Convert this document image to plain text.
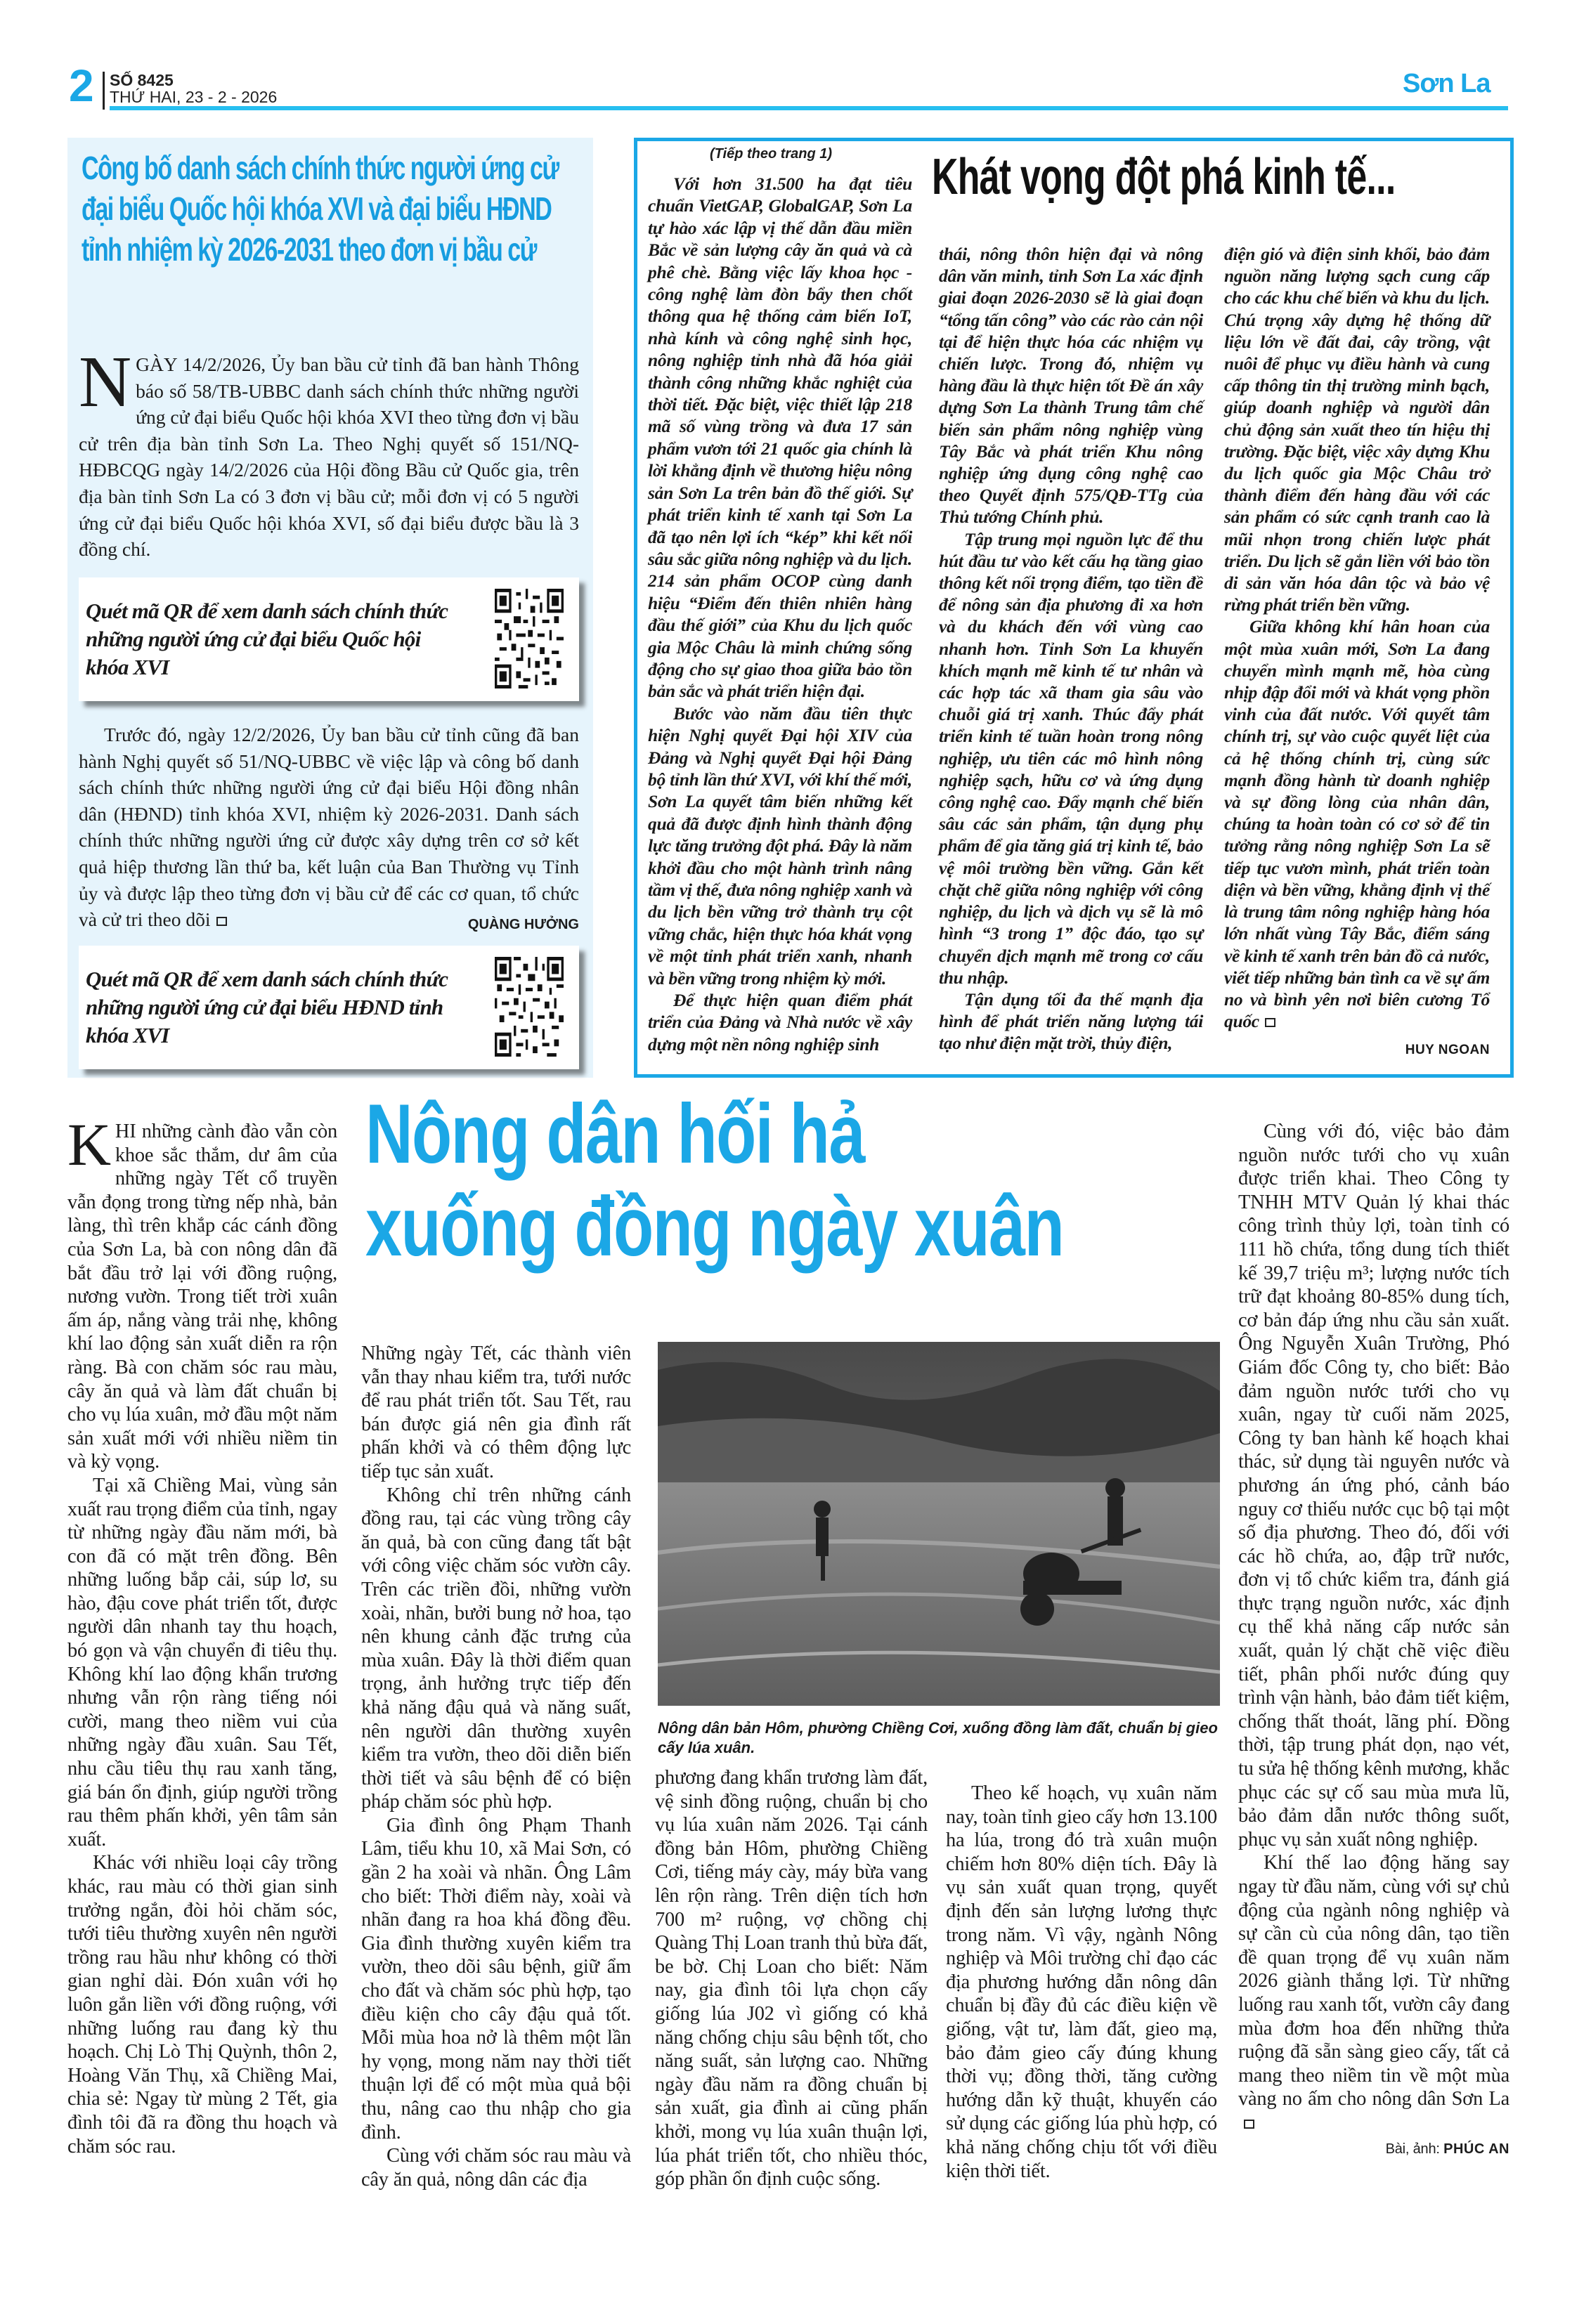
2 SỐ 8425
THỨ HAI, 23 - 2 - 2026	Sơn La
Công bố danh sách chính thức người ứng cử đại biểu Quốc hội khóa XVI và đại biểu HĐND tỉnh nhiệm kỳ 2026-2031 theo đơn vị bầu cử
NGÀY 14/2/2026, Ủy ban bầu cử tỉnh đã ban hành Thông báo số 58/TB-UBBC danh sách chính thức những người ứng cử đại biểu Quốc hội khóa XVI theo từng đơn vị bầu cử trên địa bàn tỉnh Sơn La. Theo Nghị quyết số 151/NQ-HĐBCQG ngày 14/2/2026 của Hội đồng Bầu cử Quốc gia, trên địa bàn tỉnh Sơn La có 3 đơn vị bầu cử; mỗi đơn vị có 5 người ứng cử đại biểu Quốc hội khóa XVI, số đại biểu được bầu là 3 đồng chí.
Quét mã QR để xem danh sách chính thức những người ứng cử đại biểu Quốc hội khóa XVI
Trước đó, ngày 12/2/2026, Ủy ban bầu cử tỉnh cũng đã ban hành Nghị quyết số 51/NQ-UBBC về việc lập và công bố danh sách chính thức những người ứng cử đại biểu Hội đồng nhân dân (HĐND) tỉnh khóa XVI, nhiệm kỳ 2026-2031. Danh sách chính thức những người ứng cử được xây dựng trên cơ sở kết quả hiệp thương lần thứ ba, kết luận của Ban Thường vụ Tỉnh ủy và được lập theo từng đơn vị bầu cử để các cơ quan, tổ chức và cử tri theo dõi	QUÀNG HƯỞNG
Quét mã QR để xem danh sách chính thức những người ứng cử đại biểu HĐND tỉnh khóa XVI
(Tiếp theo trang 1) Khát vọng đột phá kinh tế...
Với hơn 31.500 ha đạt tiêu chuẩn VietGAP, GlobalGAP, Sơn La tự hào xác lập vị thế dẫn đầu miền Bắc về sản lượng cây ăn quả và cà phê chè. Bằng việc lấy khoa học - công nghệ làm đòn bẩy then chốt thông qua hệ thống cảm biến IoT, nhà kính và công nghệ sinh học, nông nghiệp tỉnh nhà đã hóa giải thành công những khắc nghiệt của thời tiết. Đặc biệt, việc thiết lập 218 mã số vùng trồng và đưa 17 sản phẩm vươn tới 21 quốc gia chính là lời khẳng định về thương hiệu nông sản Sơn La trên bản đồ thế giới. Sự phát triển kinh tế xanh tại Sơn La đã tạo nên lợi ích “kép” khi kết nối sâu sắc giữa nông nghiệp và du lịch. 214 sản phẩm OCOP cùng danh hiệu “Điểm đến thiên nhiên hàng đầu thế giới” của Khu du lịch quốc gia Mộc Châu là minh chứng sống động cho sự giao thoa giữa bảo tồn bản sắc và phát triển hiện đại.
Bước vào năm đầu tiên thực hiện Nghị quyết Đại hội XIV của Đảng và Nghị quyết Đại hội Đảng bộ tỉnh lần thứ XVI, với khí thế mới, Sơn La quyết tâm biến những kết quả đã được định hình thành động lực tăng trưởng đột phá. Đây là năm khởi đầu cho một hành trình nâng tầm vị thế, đưa nông nghiệp xanh và du lịch bền vững trở thành trụ cột vững chắc, hiện thực hóa khát vọng về một tỉnh phát triển xanh, nhanh và bền vững trong nhiệm kỳ mới.
Để thực hiện quan điểm phát triển của Đảng và Nhà nước về xây dựng một nền nông nghiệp sinh
thái, nông thôn hiện đại và nông dân văn minh, tỉnh Sơn La xác định giai đoạn 2026-2030 sẽ là giai đoạn “tổng tấn công” vào các rào cản nội tại để hiện thực hóa các nhiệm vụ chiến lược. Trong đó, nhiệm vụ hàng đầu là thực hiện tốt Đề án xây dựng Sơn La thành Trung tâm chế biến sản phẩm nông nghiệp vùng Tây Bắc và phát triển Khu nông nghiệp ứng dụng công nghệ cao theo Quyết định 575/QĐ-TTg của Thủ tướng Chính phủ.
Tập trung mọi nguồn lực để thu hút đầu tư vào kết cấu hạ tầng giao thông kết nối trọng điểm, tạo tiền đề để nông sản địa phương đi xa hơn và du khách đến với vùng cao nhanh hơn. Tỉnh Sơn La khuyến khích mạnh mẽ kinh tế tư nhân và các hợp tác xã tham gia sâu vào chuỗi giá trị xanh. Thúc đẩy phát triển kinh tế tuần hoàn trong nông nghiệp, ưu tiên các mô hình nông nghiệp sạch, hữu cơ và ứng dụng công nghệ cao. Đẩy mạnh chế biến sâu các sản phẩm, tận dụng phụ phẩm để gia tăng giá trị kinh tế, bảo vệ môi trường bền vững. Gắn kết chặt chẽ giữa nông nghiệp với công nghiệp, du lịch và dịch vụ sẽ là mô hình “3 trong 1” độc đáo, tạo sự chuyển dịch mạnh mẽ trong cơ cấu thu nhập.
Tận dụng tối đa thế mạnh địa hình để phát triển năng lượng tái tạo như điện mặt trời, thủy điện,
điện gió và điện sinh khối, bảo đảm nguồn năng lượng sạch cung cấp cho các khu chế biến và khu du lịch. Chú trọng xây dựng hệ thống dữ liệu lớn về đất đai, cây trồng, vật nuôi để phục vụ điều hành và cung cấp thông tin thị trường minh bạch, giúp doanh nghiệp và người dân chủ động sản xuất theo tín hiệu thị trường. Đặc biệt, việc xây dựng Khu du lịch quốc gia Mộc Châu trở thành điểm đến hàng đầu với các sản phẩm có sức cạnh tranh cao là mũi nhọn trong chiến lược phát triển. Du lịch sẽ gắn liền với bảo tồn di sản văn hóa dân tộc và bảo vệ rừng phát triển bền vững.
Giữa không khí hân hoan của một mùa xuân mới, Sơn La đang chuyển mình mạnh mẽ, hòa cùng nhịp đập đổi mới và khát vọng phồn vinh của đất nước. Với quyết tâm chính trị, sự vào cuộc quyết liệt của cả hệ thống chính trị, cùng sức mạnh đồng hành từ doanh nghiệp và sự đồng lòng của nhân dân, chúng ta hoàn toàn có cơ sở để tin tưởng rằng nông nghiệp Sơn La sẽ tiếp tục vươn mình, phát triển toàn diện và bền vững, khẳng định vị thế là trung tâm nông nghiệp hàng hóa lớn nhất vùng Tây Bắc, điểm sáng về kinh tế xanh trên bản đồ cả nước, viết tiếp những bản tình ca về sự ấm no và bình yên nơi biên cương Tổ quốc
HUY NGOAN
Nông dân hối hả
xuống đồng ngày xuân
KHI những cành đào vẫn còn khoe sắc thắm, dư âm của những ngày Tết cổ truyền vẫn đọng trong từng nếp nhà, bản làng, thì trên khắp các cánh đồng của Sơn La, bà con nông dân đã bắt đầu trở lại với đồng ruộng, nương vườn. Trong tiết trời xuân ấm áp, nắng vàng trải nhẹ, không khí lao động sản xuất diễn ra rộn ràng. Bà con chăm sóc rau màu, cây ăn quả và làm đất chuẩn bị cho vụ lúa xuân, mở đầu một năm sản xuất mới với nhiều niềm tin và kỳ vọng.
Tại xã Chiềng Mai, vùng sản xuất rau trọng điểm của tỉnh, ngay từ những ngày đầu năm mới, bà con đã có mặt trên đồng. Bên những luống bắp cải, súp lơ, su hào, đậu cove phát triển tốt, được người dân nhanh tay thu hoạch, bó gọn và vận chuyển đi tiêu thụ. Không khí lao động khẩn trương nhưng vẫn rộn ràng tiếng nói cười, mang theo niềm vui của những ngày đầu xuân. Sau Tết, nhu cầu tiêu thụ rau xanh tăng, giá bán ổn định, giúp người trồng rau thêm phấn khởi, yên tâm sản xuất.
Khác với nhiều loại cây trồng khác, rau màu có thời gian sinh trưởng ngắn, đòi hỏi chăm sóc, tưới tiêu thường xuyên nên người trồng rau hầu như không có thời gian nghỉ dài. Đón xuân với họ luôn gắn liền với đồng ruộng, với những luống rau đang kỳ thu hoạch. Chị Lò Thị Quỳnh, thôn 2, Hoàng Văn Thụ, xã Chiềng Mai, chia sẻ: Ngay từ mùng 2 Tết, gia đình tôi đã ra đồng thu hoạch và chăm sóc rau.
Những ngày Tết, các thành viên vẫn thay nhau kiểm tra, tưới nước để rau phát triển tốt. Sau Tết, rau bán được giá nên gia đình rất phấn khởi và có thêm động lực tiếp tục sản xuất.
Không chỉ trên những cánh đồng rau, tại các vùng trồng cây ăn quả, bà con cũng đang tất bật với công việc chăm sóc vườn cây. Trên các triền đồi, những vườn xoài, nhãn, bưởi bung nở hoa, tạo nên khung cảnh đặc trưng của mùa xuân. Đây là thời điểm quan trọng, ảnh hưởng trực tiếp đến khả năng đậu quả và năng suất, nên người dân thường xuyên kiểm tra vườn, theo dõi diễn biến thời tiết và sâu bệnh để có biện pháp chăm sóc phù hợp.
Gia đình ông Phạm Thanh Lâm, tiểu khu 10, xã Mai Sơn, có gần 2 ha xoài và nhãn. Ông Lâm cho biết: Thời điểm này, xoài và nhãn đang ra hoa khá đồng đều. Gia đình thường xuyên kiểm tra vườn, theo dõi sâu bệnh, giữ ẩm cho đất và chăm sóc phù hợp, tạo điều kiện cho cây đậu quả tốt. Mỗi mùa hoa nở là thêm một lần hy vọng, mong năm nay thời tiết thuận lợi để có một mùa quả bội thu, nâng cao thu nhập cho gia đình.
Cùng với chăm sóc rau màu và cây ăn quả, nông dân các địa
Nông dân bản Hôm, phường Chiềng Cơi, xuống đồng làm đất, chuẩn bị gieo cấy lúa xuân.
phương đang khẩn trương làm đất, vệ sinh đồng ruộng, chuẩn bị cho vụ lúa xuân năm 2026. Tại cánh đồng bản Hôm, phường Chiềng Cơi, tiếng máy cày, máy bừa vang lên rộn ràng. Trên diện tích hơn 700 m² ruộng, vợ chồng chị Quàng Thị Loan tranh thủ bừa đất, be bờ. Chị Loan cho biết: Năm nay, gia đình tôi lựa chọn cấy giống lúa J02 vì giống có khả năng chống chịu sâu bệnh tốt, cho năng suất, sản lượng cao. Những ngày đầu năm ra đồng chuẩn bị sản xuất, gia đình ai cũng phấn khởi, mong vụ lúa xuân thuận lợi, lúa phát triển tốt, cho nhiều thóc, góp phần ổn định cuộc sống.
Theo kế hoạch, vụ xuân năm nay, toàn tỉnh gieo cấy hơn 13.100 ha lúa, trong đó trà xuân muộn chiếm hơn 80% diện tích. Đây là vụ sản xuất quan trọng, quyết định đến sản lượng lương thực trong năm. Vì vậy, ngành Nông nghiệp và Môi trường chỉ đạo các địa phương hướng dẫn nông dân chuẩn bị đầy đủ các điều kiện về giống, vật tư, làm đất, gieo mạ, bảo đảm gieo cấy đúng khung thời vụ; đồng thời, tăng cường hướng dẫn kỹ thuật, khuyến cáo sử dụng các giống lúa phù hợp, có khả năng chống chịu tốt với điều kiện thời tiết.
Cùng với đó, việc bảo đảm nguồn nước tưới cho vụ xuân được triển khai. Theo Công ty TNHH MTV Quản lý khai thác công trình thủy lợi, toàn tỉnh có 111 hồ chứa, tổng dung tích thiết kế 39,7 triệu m³; lượng nước tích trữ đạt khoảng 80-85% dung tích, cơ bản đáp ứng nhu cầu sản xuất. Ông Nguyễn Xuân Trường, Phó Giám đốc Công ty, cho biết: Bảo đảm nguồn nước tưới cho vụ xuân, ngay từ cuối năm 2025, Công ty ban hành kế hoạch khai thác, sử dụng tài nguyên nước và phương án ứng phó, cảnh báo nguy cơ thiếu nước cục bộ tại một số địa phương. Theo đó, đối với các hồ chứa, ao, đập trữ nước, đơn vị tổ chức kiểm tra, đánh giá thực trạng nguồn nước, xác định cụ thể khả năng cấp nước sản xuất, quản lý chặt chẽ việc điều tiết, phân phối nước đúng quy trình vận hành, bảo đảm tiết kiệm, chống thất thoát, lãng phí. Đồng thời, tập trung phát dọn, nạo vét, tu sửa hệ thống kênh mương, khắc phục các sự cố sau mùa mưa lũ, bảo đảm dẫn nước thông suốt, phục vụ sản xuất nông nghiệp.
Khí thế lao động hăng say ngay từ đầu năm, cùng với sự chủ động của ngành nông nghiệp và sự cần cù của nông dân, tạo tiền đề quan trọng để vụ xuân năm 2026 giành thắng lợi. Từ những luống rau xanh tốt, vườn cây đang mùa đơm hoa đến những thửa ruộng đã sẵn sàng gieo cấy, tất cả mang theo niềm tin về một mùa vàng no ấm cho nông dân Sơn La
Bài, ảnh: PHÚC AN
